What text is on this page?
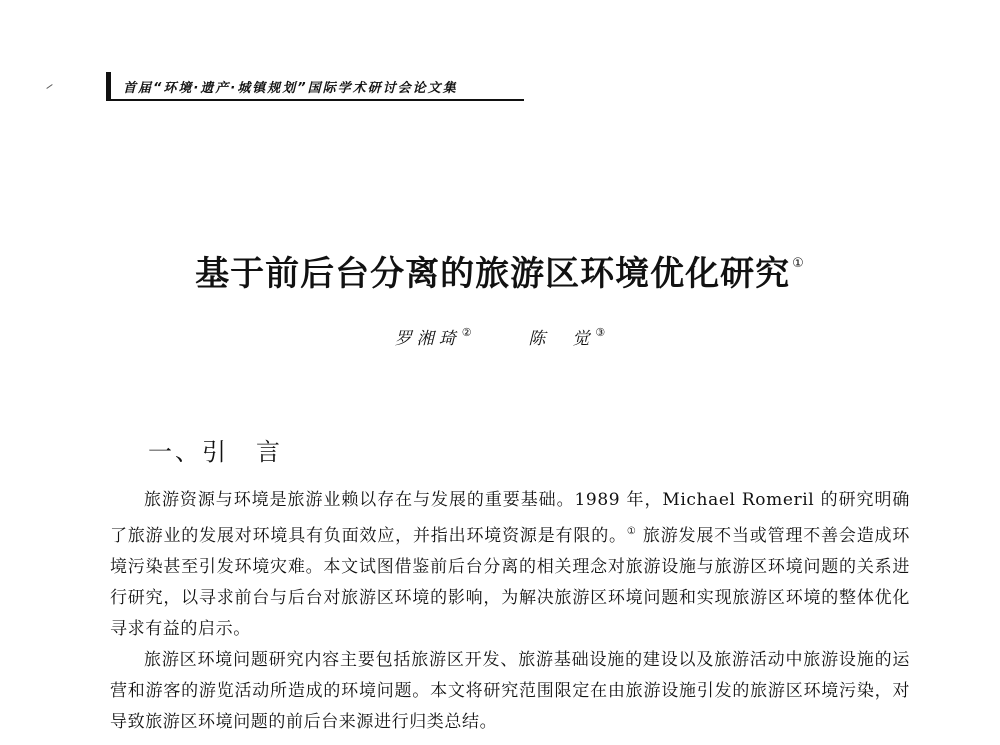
首届“环境·遗产·城镇规划”国际学术研讨会论文集
基于前后台分离的旅游区环境优化研究 ①
罗湘琦②	陈　觉③
一、引　言

旅游资源与环境是旅游业赖以存在与发展的重要基础。1989 年，Michael Romeril 的研究明确了旅游业的发展对环境具有负面效应，并指出环境资源是有限的。① 旅游发展不当或管理不善会造成环境污染甚至引发环境灾难。本文试图借鉴前后台分离的相关理念对旅游设施与旅游区环境问题的关系进行研究，以寻求前台与后台对旅游区环境的影响，为解决旅游区环境问题和实现旅游区环境的整体优化寻求有益的启示。

旅游区环境问题研究内容主要包括旅游区开发、旅游基础设施的建设以及旅游活动中旅游设施的运营和游客的游览活动所造成的环境问题。本文将研究范围限定在由旅游设施引发的旅游区环境污染，对导致旅游区环境问题的前后台来源进行归类总结。
